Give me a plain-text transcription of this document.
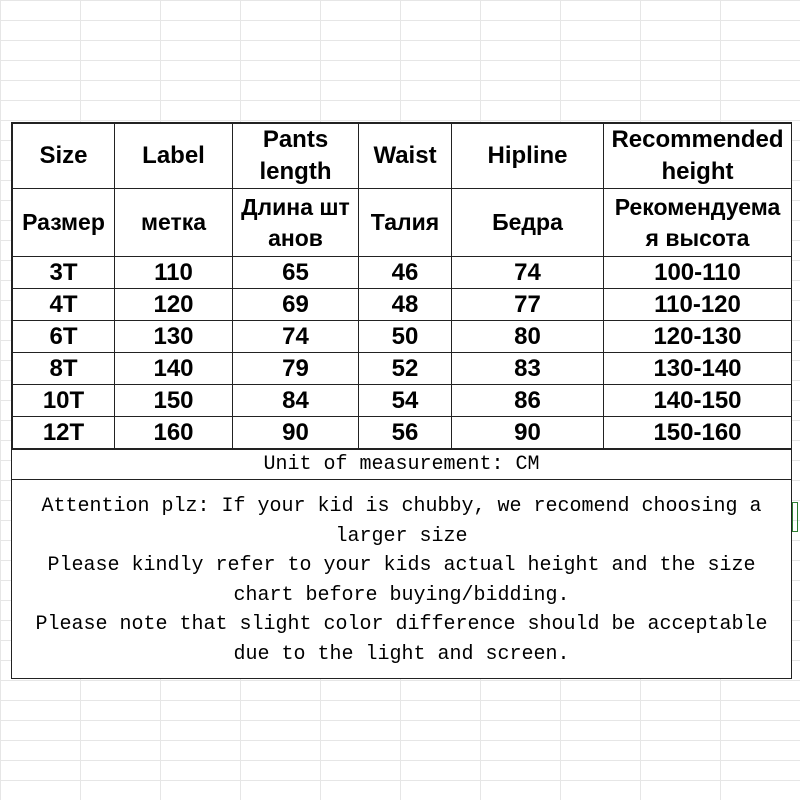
Size	Label	Pants length	Waist	Hipline	Recommended height

Размер	метка	Длина штанов	Талия	Бедра	Рекомендуемая высота

3T	110	65	46	74	100-110
4T	120	69	48	77	110-120
6T	130	74	50	80	120-130
8T	140	79	52	83	130-140
10T	150	84	54	86	140-150
12T	160	90	56	90	150-160
Unit of measurement: CM
Attention plz: If your kid is chubby, we recomend choosing a larger size
Please kindly refer to your kids actual height and the size chart before buying/bidding.
Please note that slight color difference should be acceptable due to the light and screen.
